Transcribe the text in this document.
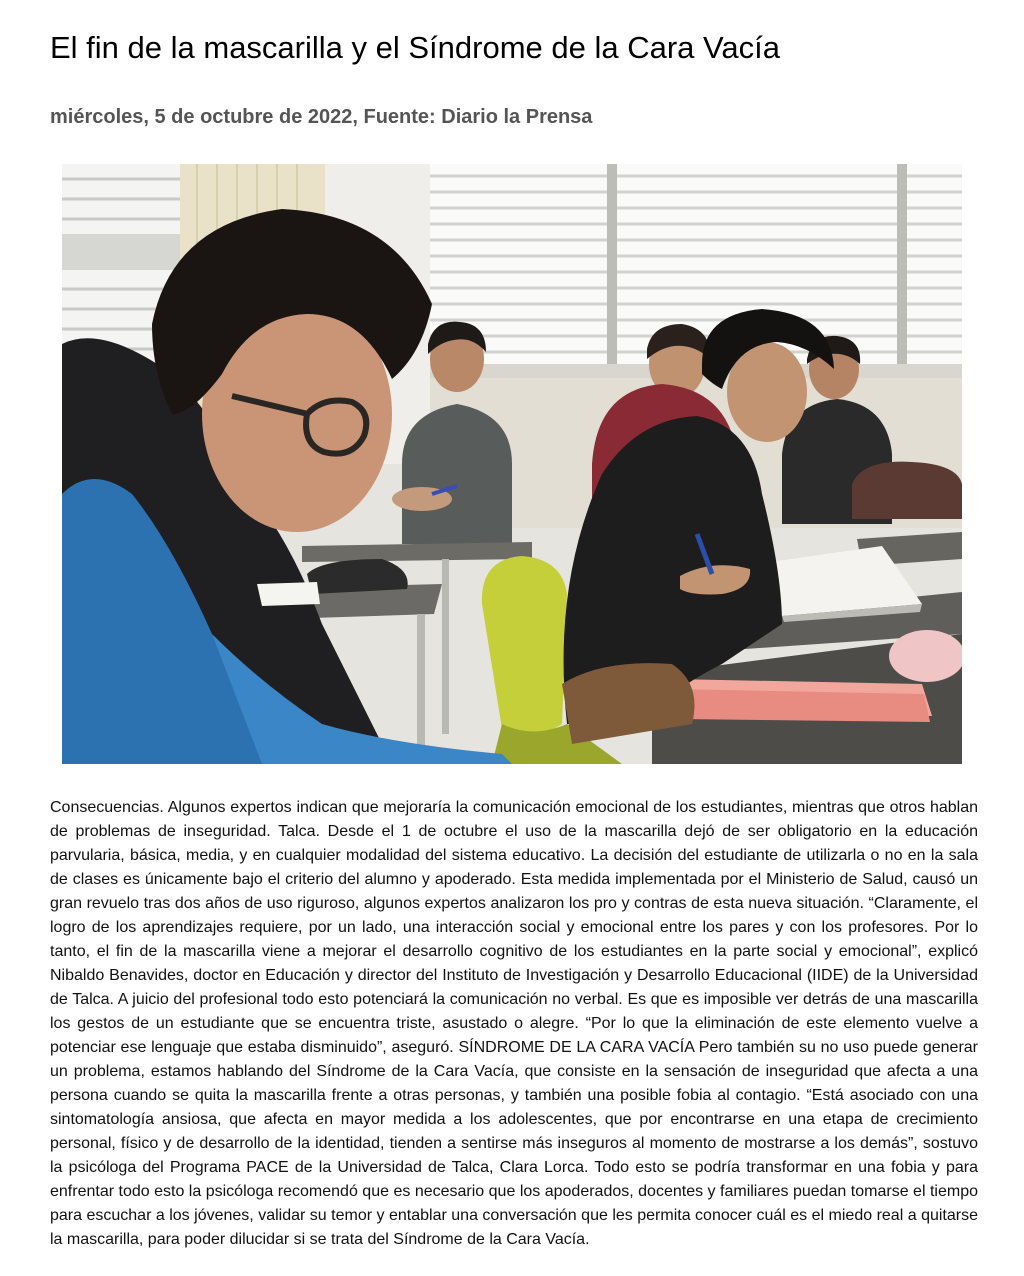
El fin de la mascarilla y el Síndrome de la Cara Vacía

miércoles, 5 de octubre de 2022, Fuente: Diario la Prensa

Consecuencias. Algunos expertos indican que mejoraría la comunicación emocional de los estudiantes, mientras que otros hablan de problemas de inseguridad. Talca. Desde el 1 de octubre el uso de la mascarilla dejó de ser obligatorio en la educación parvularia, básica, media, y en cualquier modalidad del sistema educativo. La decisión del estudiante de utilizarla o no en la sala de clases es únicamente bajo el criterio del alumno y apoderado. Esta medida implementada por el Ministerio de Salud, causó un gran revuelo tras dos años de uso riguroso, algunos expertos analizaron los pro y contras de esta nueva situación. “Claramente, el logro de los aprendizajes requiere, por un lado, una interacción social y emocional entre los pares y con los profesores. Por lo tanto, el fin de la mascarilla viene a mejorar el desarrollo cognitivo de los estudiantes en la parte social y emocional”, explicó Nibaldo Benavides, doctor en Educación y director del Instituto de Investigación y Desarrollo Educacional (IIDE) de la Universidad de Talca. A juicio del profesional todo esto potenciará la comunicación no verbal. Es que es imposible ver detrás de una mascarilla los gestos de un estudiante que se encuentra triste, asustado o alegre. “Por lo que la eliminación de este elemento vuelve a potenciar ese lenguaje que estaba disminuido”, aseguró. SÍNDROME DE LA CARA VACÍA Pero también su no uso puede generar un problema, estamos hablando del Síndrome de la Cara Vacía, que consiste en la sensación de inseguridad que afecta a una persona cuando se quita la mascarilla frente a otras personas, y también una posible fobia al contagio. “Está asociado con una sintomatología ansiosa, que afecta en mayor medida a los adolescentes, que por encontrarse en una etapa de crecimiento personal, físico y de desarrollo de la identidad, tienden a sentirse más inseguros al momento de mostrarse a los demás”, sostuvo la psicóloga del Programa PACE de la Universidad de Talca, Clara Lorca. Todo esto se podría transformar en una fobia y para enfrentar todo esto la psicóloga recomendó que es necesario que los apoderados, docentes y familiares puedan tomarse el tiempo para escuchar a los jóvenes, validar su temor y entablar una conversación que les permita conocer cuál es el miedo real a quitarse la mascarilla, para poder dilucidar si se trata del Síndrome de la Cara Vacía.
